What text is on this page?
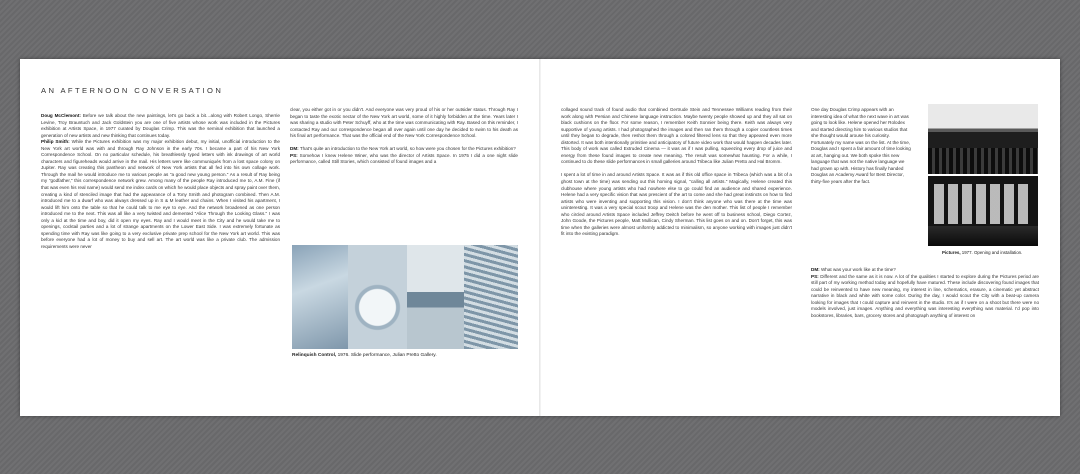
AN AFTERNOON CONVERSATION

Doug McClemont: Before we talk about the new paintings, let's go back a bit…along with Robert Longo, Sherrie Levine, Troy Brauntuch and Jack Goldstein you are one of five artists whose work was included in the Pictures exhibition at Artists Space, in 1977 curated by Douglas Crimp. This was the seminal exhibition that launched a generation of new artists and new thinking that continues today.

Philip Smith: While the Pictures exhibition was my major exhibition debut, my initial, unofficial introduction to the New York art world was with and through Ray Johnson in the early 70s. I became a part of his New York Correspondence School. On no particular schedule, his breathlessly typed letters with ink drawings of art world characters and figureheads would arrive in the mail. His letters were like communiqués from a lost space colony on Jupiter. Ray was creating this pantheon and network of New York artists that all fed into his own collage work. Through the mail he would introduce me to various people as "a good new young person." As a result of Ray being my "godfather," this correspondence network grew. Among many of the people Ray introduced me to, A.M. Fine (if that was even his real name) would send me index cards on which he would place objects and spray paint over them, creating a kind of stenciled image that had the appearance of a Tony Smith and photogram combined. Then A.M. introduced me to a dwarf who was always dressed up in S & M leather and chains. When I visited his apartment, I would lift him onto the table so that he could talk to me eye to eye. And the network broadened as one person introduced me to the next. This was all like a very twisted and demented "Alice Through the Looking Glass." I was only a kid at the time and boy, did it open my eyes. Ray and I would meet in the City and he would take me to openings, cocktail parties and a lot of strange apartments on the Lower East Side. I was extremely fortunate as spending time with Ray was like going to a very exclusive private prep school for the New York art world. This was before everyone had a lot of money to buy and sell art. The art world was like a private club. The admission requirements were never

clear, you either got in or you didn't. And everyone was very proud of his or her outsider status. Through Ray I began to taste the exotic nectar of the New York art world, some of it highly forbidden at the time. Years later I was sharing a studio with Peter Schuyff, who at the time was communicating with Ray. Based on this reminder, I contacted Ray and our correspondence began all over again until one day he decided to swim to his death as his final art performance. That was the official end of the New York Correspondence School.

DM: That's quite an introduction to the New York art world, so how were you chosen for the Pictures exhibition?

PS: Somehow I knew Helene Winer, who was the director of Artists Space. In 1975 I did a one night slide performance, called Still Stories, which consisted of found images and a

Relinquish Control, 1976. Slide performance, Julian Pretto Gallery.

collaged sound track of found audio that combined Gertrude Stein and Tennessee Williams reading from their work along with Persian and Chinese language instruction. Maybe twenty people showed up and they all sat on black cushions on the floor. For some reason, I remember Keith Sonnier being there. Keith was always very supportive of young artists. I had photographed the images and then ran them through a copier countless times until they began to degrade, then reshot them through a colored filtered lens so that they appeared even more distorted. It was both intentionally primitive and anticipatory of future video work that would happen decades later. This body of work was called Extruded Cinema — it was as if I was pulling, squeezing every drop of juice and energy from these found images to create new meaning. The result was somewhat haunting. For a while, I continued to do these slide performances in small galleries around Tribeca like Julian Pretto and Hal Bromm.

I spent a lot of time in and around Artists Space. It was as if this old office space in Tribeca (which was a bit of a ghost town at the time) was sending out this homing signal, "calling all artists." Magically, Helene created this clubhouse where young artists who had nowhere else to go could find an audience and shared experience. Helene had a very specific vision that was prescient of the art to come and she had great instincts on how to find artists who were inventing and supporting this vision. I don't think anyone who was there at the time was uninteresting. It was a very special scout troop and Helene was the den mother. This list of people I remember who circled around Artists Space included Jeffrey Deitch before he went off to business school, Diego Cortez, John Goode, the Pictures people, Matt Mullican, Cindy Sherman. This list goes on and on. Don't forget, this was time when the galleries were almost uniformly addicted to minimalism, so anyone working with images just didn't fit into the existing paradigm.

One day Douglas Crimp appears with an interesting idea of what the next wave in art was going to look like. Helene opened her Rolodex and started directing him to various studios that she thought would arouse his curiosity. Fortunately my name was on the list. At the time, Douglas and I spent a fair amount of time looking at art, hanging out. We both spoke this new language that was not the native language we had grown up with. History has finally handed Douglas an Academy Award for Best Director, thirty-five years after the fact.

Pictures, 1977. Opening and installation.

DM: What was your work like at the time?

PS: Different and the same as it is now. A lot of the qualities I started to explore during the Pictures period are still part of my working method today and hopefully have matured. These include discovering found images that could be reinvented to have new meaning, my interest in line, schematics, erasure, a cinematic yet abstract narrative in black and white with some color. During the day, I would scout the City with a beat-up camera looking for images that I could capture and reinvent in the studio. It's as if I were on a shoot but there were no models involved, just images. Anything and everything was interesting everything was material. I'd pop into bookstores, libraries, bars, grocery stores and photograph anything of interest on
